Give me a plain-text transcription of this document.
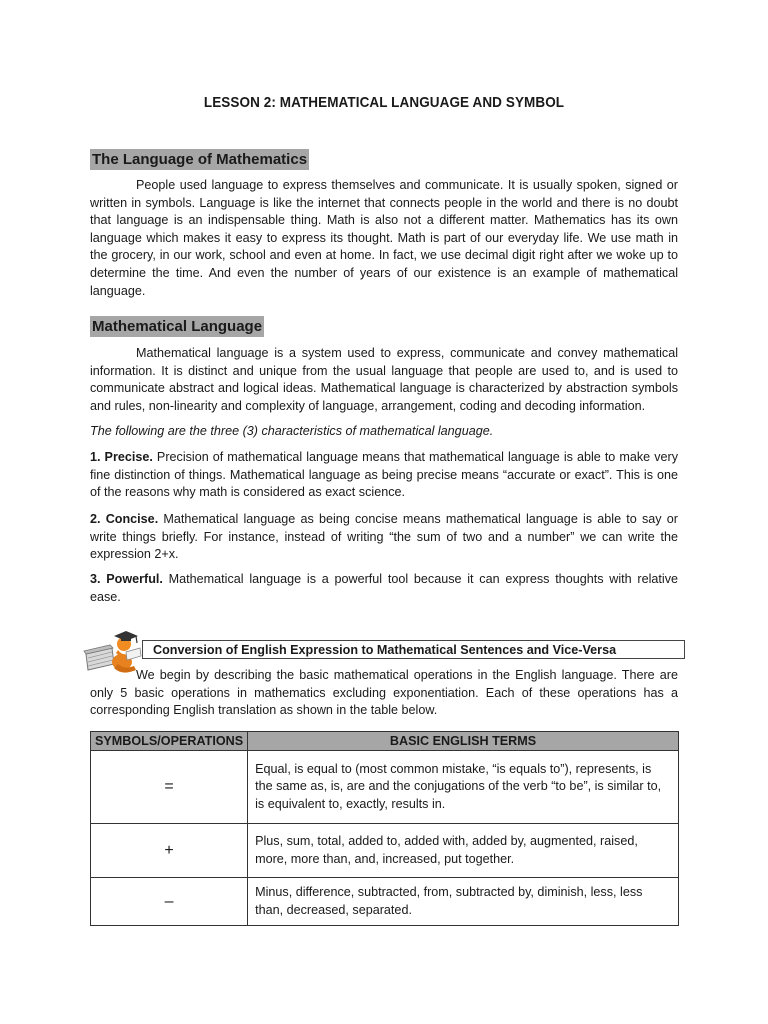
LESSON 2: MATHEMATICAL LANGUAGE AND SYMBOL
The Language of Mathematics

People used language to express themselves and communicate. It is usually spoken, signed or written in symbols. Language is like the internet that connects people in the world and there is no doubt that language is an indispensable thing. Math is also not a different matter. Mathematics has its own language which makes it easy to express its thought. Math is part of our everyday life. We use math in the grocery, in our work, school and even at home. In fact, we use decimal digit right after we woke up to determine the time. And even the number of years of our existence is an example of mathematical language.

Mathematical Language

Mathematical language is a system used to express, communicate and convey mathematical information. It is distinct and unique from the usual language that people are used to, and is used to communicate abstract and logical ideas. Mathematical language is characterized by abstraction symbols and rules, non-linearity and complexity of language, arrangement, coding and decoding information.

The following are the three (3) characteristics of mathematical language.

1. Precise. Precision of mathematical language means that mathematical language is able to make very fine distinction of things. Mathematical language as being precise means “accurate or exact”. This is one of the reasons why math is considered as exact science.

2. Concise. Mathematical language as being concise means mathematical language is able to say or write things briefly. For instance, instead of writing “the sum of two and a number” we can write the expression 2+x.

3. Powerful. Mathematical language is a powerful tool because it can express thoughts with relative ease.

Conversion of English Expression to Mathematical Sentences and Vice-Versa

We begin by describing the basic mathematical operations in the English language. There are only 5 basic operations in mathematics excluding exponentiation. Each of these operations has a corresponding English translation as shown in the table below.

SYMBOLS/OPERATIONS	BASIC ENGLISH TERMS
=	Equal, is equal to (most common mistake, “is equals to”), represents, is the same as, is, are and the conjugations of the verb “to be”, is similar to, is equivalent to, exactly, results in.
+	Plus, sum, total, added to, added with, added by, augmented, raised, more, more than, and, increased, put together.
–	Minus, difference, subtracted, from, subtracted by, diminish, less, less than, decreased, separated.
